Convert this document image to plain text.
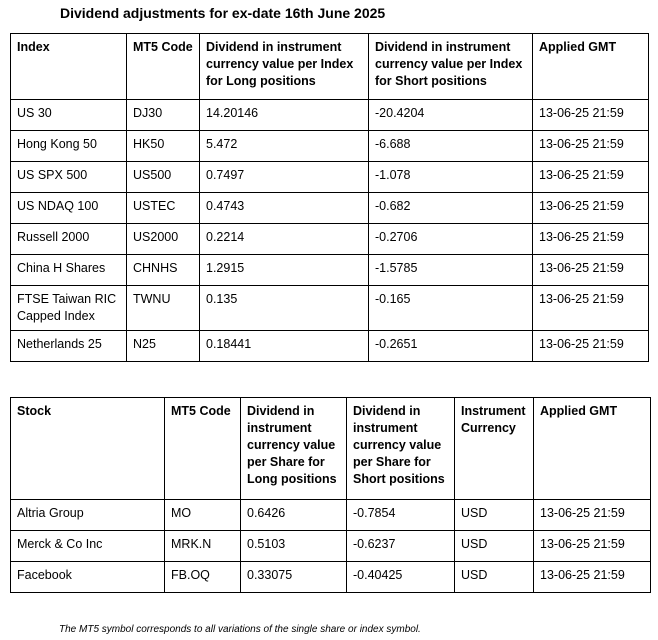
Dividend adjustments for ex-date 16th June 2025
Index	MT5 Code	Dividend in instrument currency value per Index for Long positions	Dividend in instrument currency value per Index for Short positions	Applied GMT
US 30	DJ30	14.20146	-20.4204	13-06-25 21:59
Hong Kong 50	HK50	5.472	-6.688	13-06-25 21:59
US SPX 500	US500	0.7497	-1.078	13-06-25 21:59
US NDAQ 100	USTEC	0.4743	-0.682	13-06-25 21:59
Russell 2000	US2000	0.2214	-0.2706	13-06-25 21:59
China H Shares	CHNHS	1.2915	-1.5785	13-06-25 21:59
FTSE Taiwan RIC Capped Index	TWNU	0.135	-0.165	13-06-25 21:59
Netherlands 25	N25	0.18441	-0.2651	13-06-25 21:59
Stock	MT5 Code	Dividend in instrument currency value per Share for Long positions	Dividend in instrument currency value per Share for Short positions	Instrument Currency	Applied GMT
Altria Group	MO	0.6426	-0.7854	USD	13-06-25 21:59
Merck & Co Inc	MRK.N	0.5103	-0.6237	USD	13-06-25 21:59
Facebook	FB.OQ	0.33075	-0.40425	USD	13-06-25 21:59
The MT5 symbol corresponds to all variations of the single share or index symbol.
